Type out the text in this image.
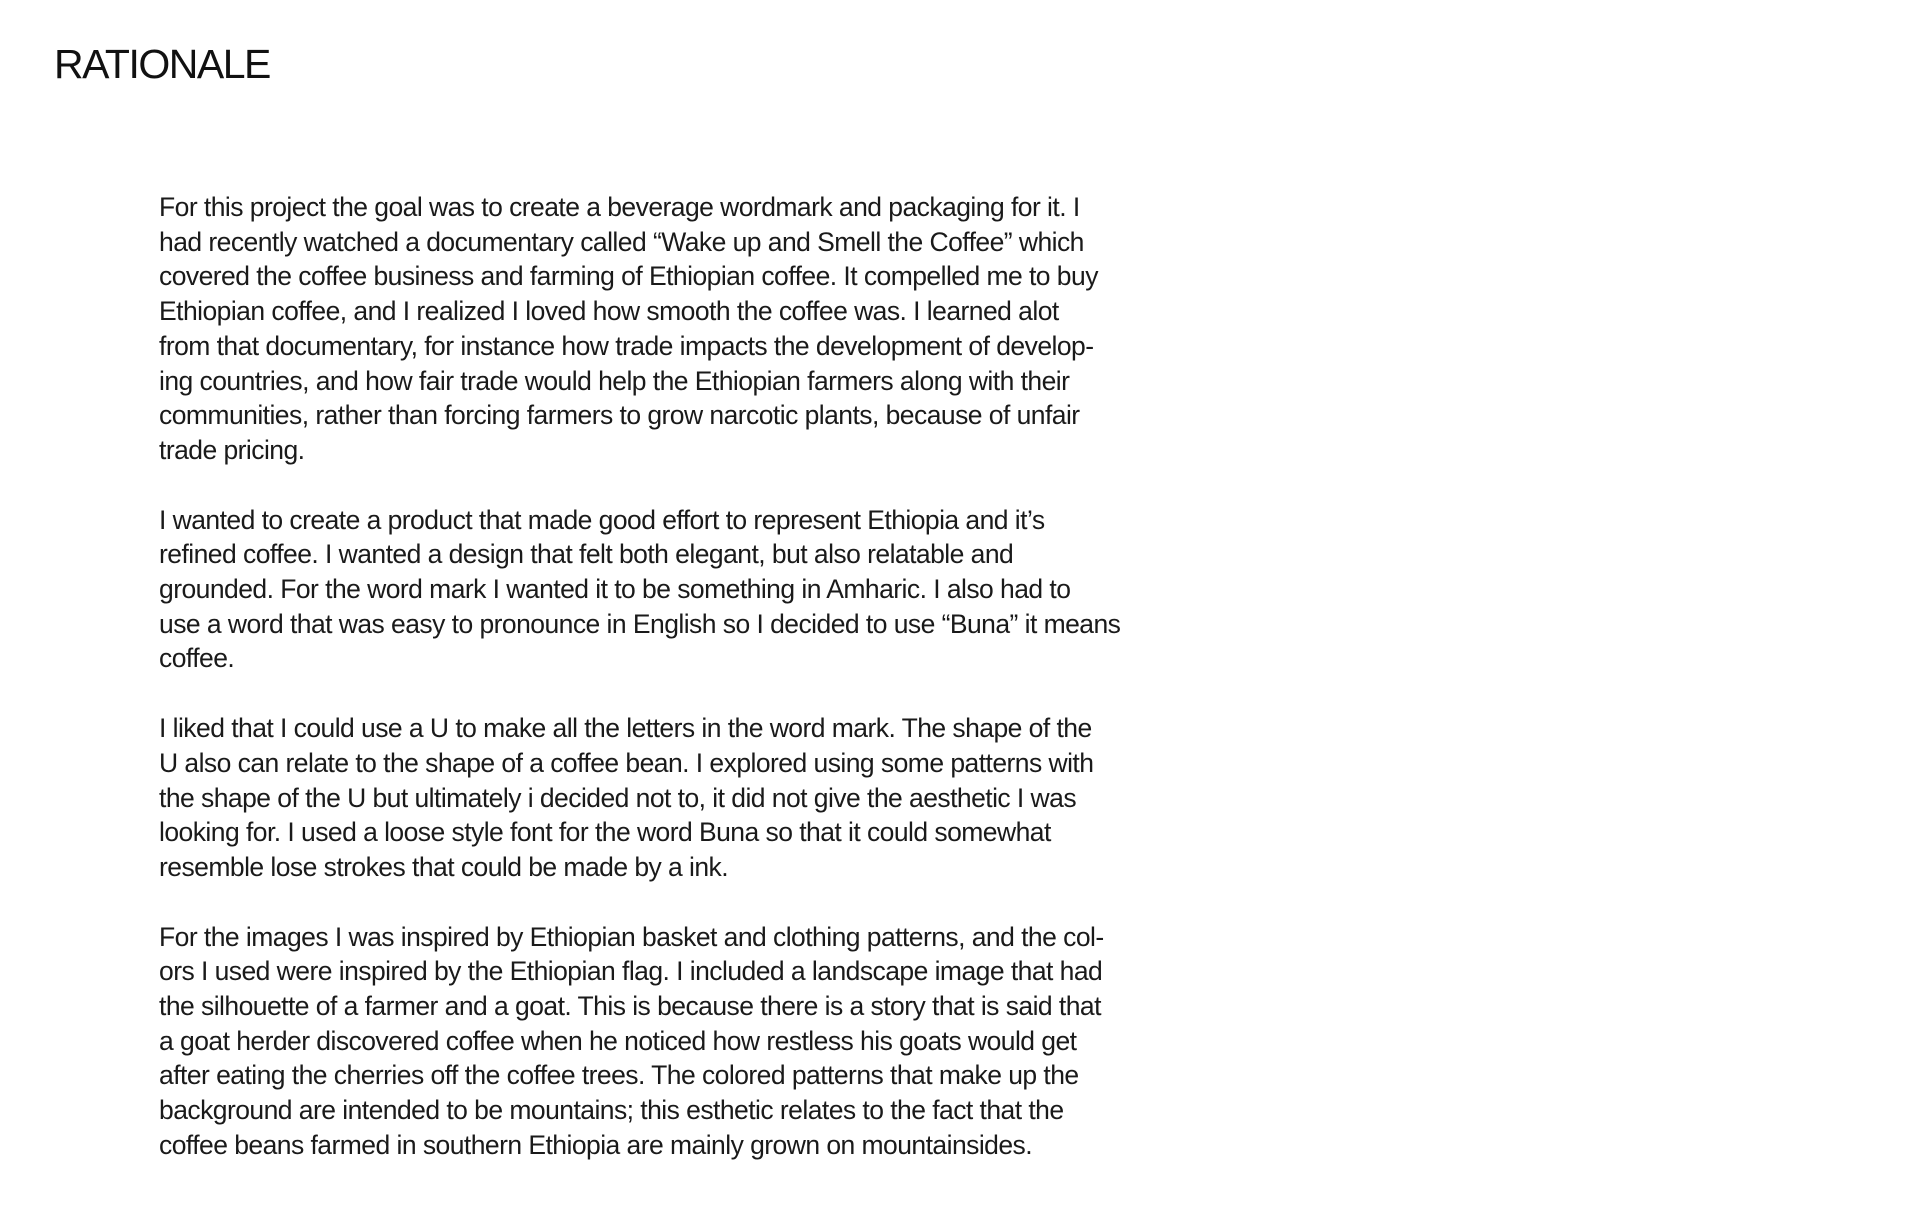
RATIONALE

For this project the goal was to create a beverage wordmark and packaging for it. I
had recently watched a documentary called “Wake up and Smell the Coffee” which
covered the coffee business and farming of Ethiopian coffee. It compelled me to buy
Ethiopian coffee, and I realized I loved how smooth the coffee was. I learned alot
from that documentary, for instance how trade impacts the development of develop-
ing countries, and how fair trade would help the Ethiopian farmers along with their
communities, rather than forcing farmers to grow narcotic plants, because of unfair
trade pricing.

I wanted to create a product that made good effort to represent Ethiopia and it’s
refined coffee. I wanted a design that felt both elegant, but also relatable and
grounded. For the word mark I wanted it to be something in Amharic. I also had to
use a word that was easy to pronounce in English so I decided to use “Buna” it means
coffee.

I liked that I could use a U to make all the letters in the word mark. The shape of the
U also can relate to the shape of a coffee bean. I explored using some patterns with
the shape of the U but ultimately i decided not to, it did not give the aesthetic I was
looking for. I used a loose style font for the word Buna so that it could somewhat
resemble lose strokes that could be made by a ink.

For the images I was inspired by Ethiopian basket and clothing patterns, and the col-
ors I used were inspired by the Ethiopian flag. I included a landscape image that had
the silhouette of a farmer and a goat. This is because there is a story that is said that
a goat herder discovered coffee when he noticed how restless his goats would get
after eating the cherries off the coffee trees. The colored patterns that make up the
background are intended to be mountains; this esthetic relates to the fact that the
coffee beans farmed in southern Ethiopia are mainly grown on mountainsides.
